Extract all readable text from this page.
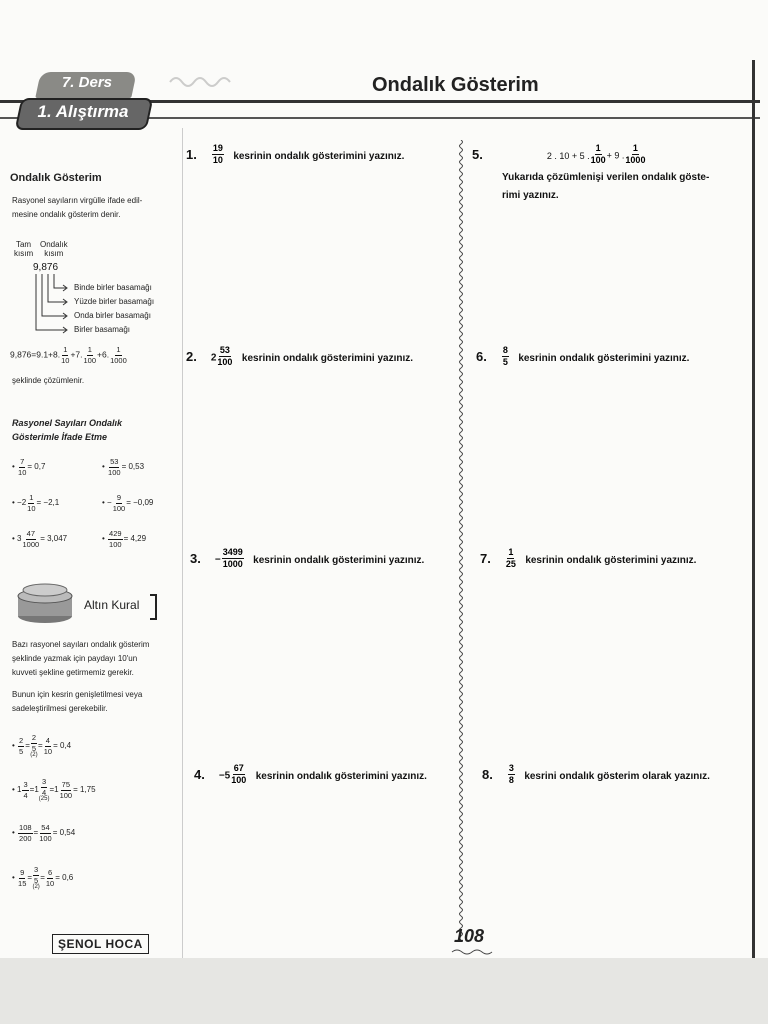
7. Ders
1. Alıştırma
Ondalık Gösterim
Ondalık Gösterim
Rasyonel sayıların virgülle ifade edil-
mesine ondalık gösterim denir.
Tam
kısım
Ondalık
kısım
9,876
Binde birler basamağı
Yüzde birler basamağı
Onda birler basamağı
Birler basamağı
9,876=9.1+8. $\frac{1}{10} +7$. $\frac{1}{100} +6$. $\frac{1}{1000}$
şeklinde çözümlenir.
Rasyonel Sayıları Ondalık
Gösterimle İfade Etme
• $\frac{7}{10} = 0,7$	• $\frac{53}{100} = 0,53$
• $-2 \frac{1}{10} = -2,1$	• − $\frac{9}{100} = -0,09$
• $3 \frac{47}{1000} = 3,047$	• $\frac{429}{100} = 4,29$
Altın Kural
Bazı rasyonel sayıları ondalık gösterim
şeklinde yazmak için paydayı 10'un
kuvveti şekline getirmemiz gerekir.
Bunun için kesrin genişletilmesi veya
sadeleştirilmesi gerekebilir.
• $\frac{2}{5} = \frac{2}{5}$
(2)
= $\frac{4}{10} = 0,4$
• $1 \frac{3}{4} =1 \frac{3}{4}$
(25)
$=1 \frac{75}{100} = 1,75$
• $\frac{108}{200} = \frac{54}{100} = 0,54$
• $\frac{9}{15} = \frac{3}{5}$
(2)
= $\frac{6}{10} = 0,6$
ŞENOL HOCA
1. $\frac{19}{10}$ kesrinin ondalık gösterimini yazınız.
2. $2 \frac{53}{100}$ kesrinin ondalık gösterimini yazınız.
3. − $\frac{3499}{1000}$ kesrinin ondalık gösterimini yazınız.
4. $-5 \frac{67}{100}$ kesrinin ondalık gösterimini yazınız.
5.	2 . 10 + 5 . $\frac{1}{100} + 9$ . $\frac{1}{1000}$
Yukarıda çözümlenişi verilen ondalık göste-
rimi yazınız.
6. $\frac{8}{5}$ kesrinin ondalık gösterimini yazınız.
7. $\frac{1}{25}$ kesrinin ondalık gösterimini yazınız.
8. $\frac{3}{8}$ kesrini ondalık gösterim olarak yazınız.
108
